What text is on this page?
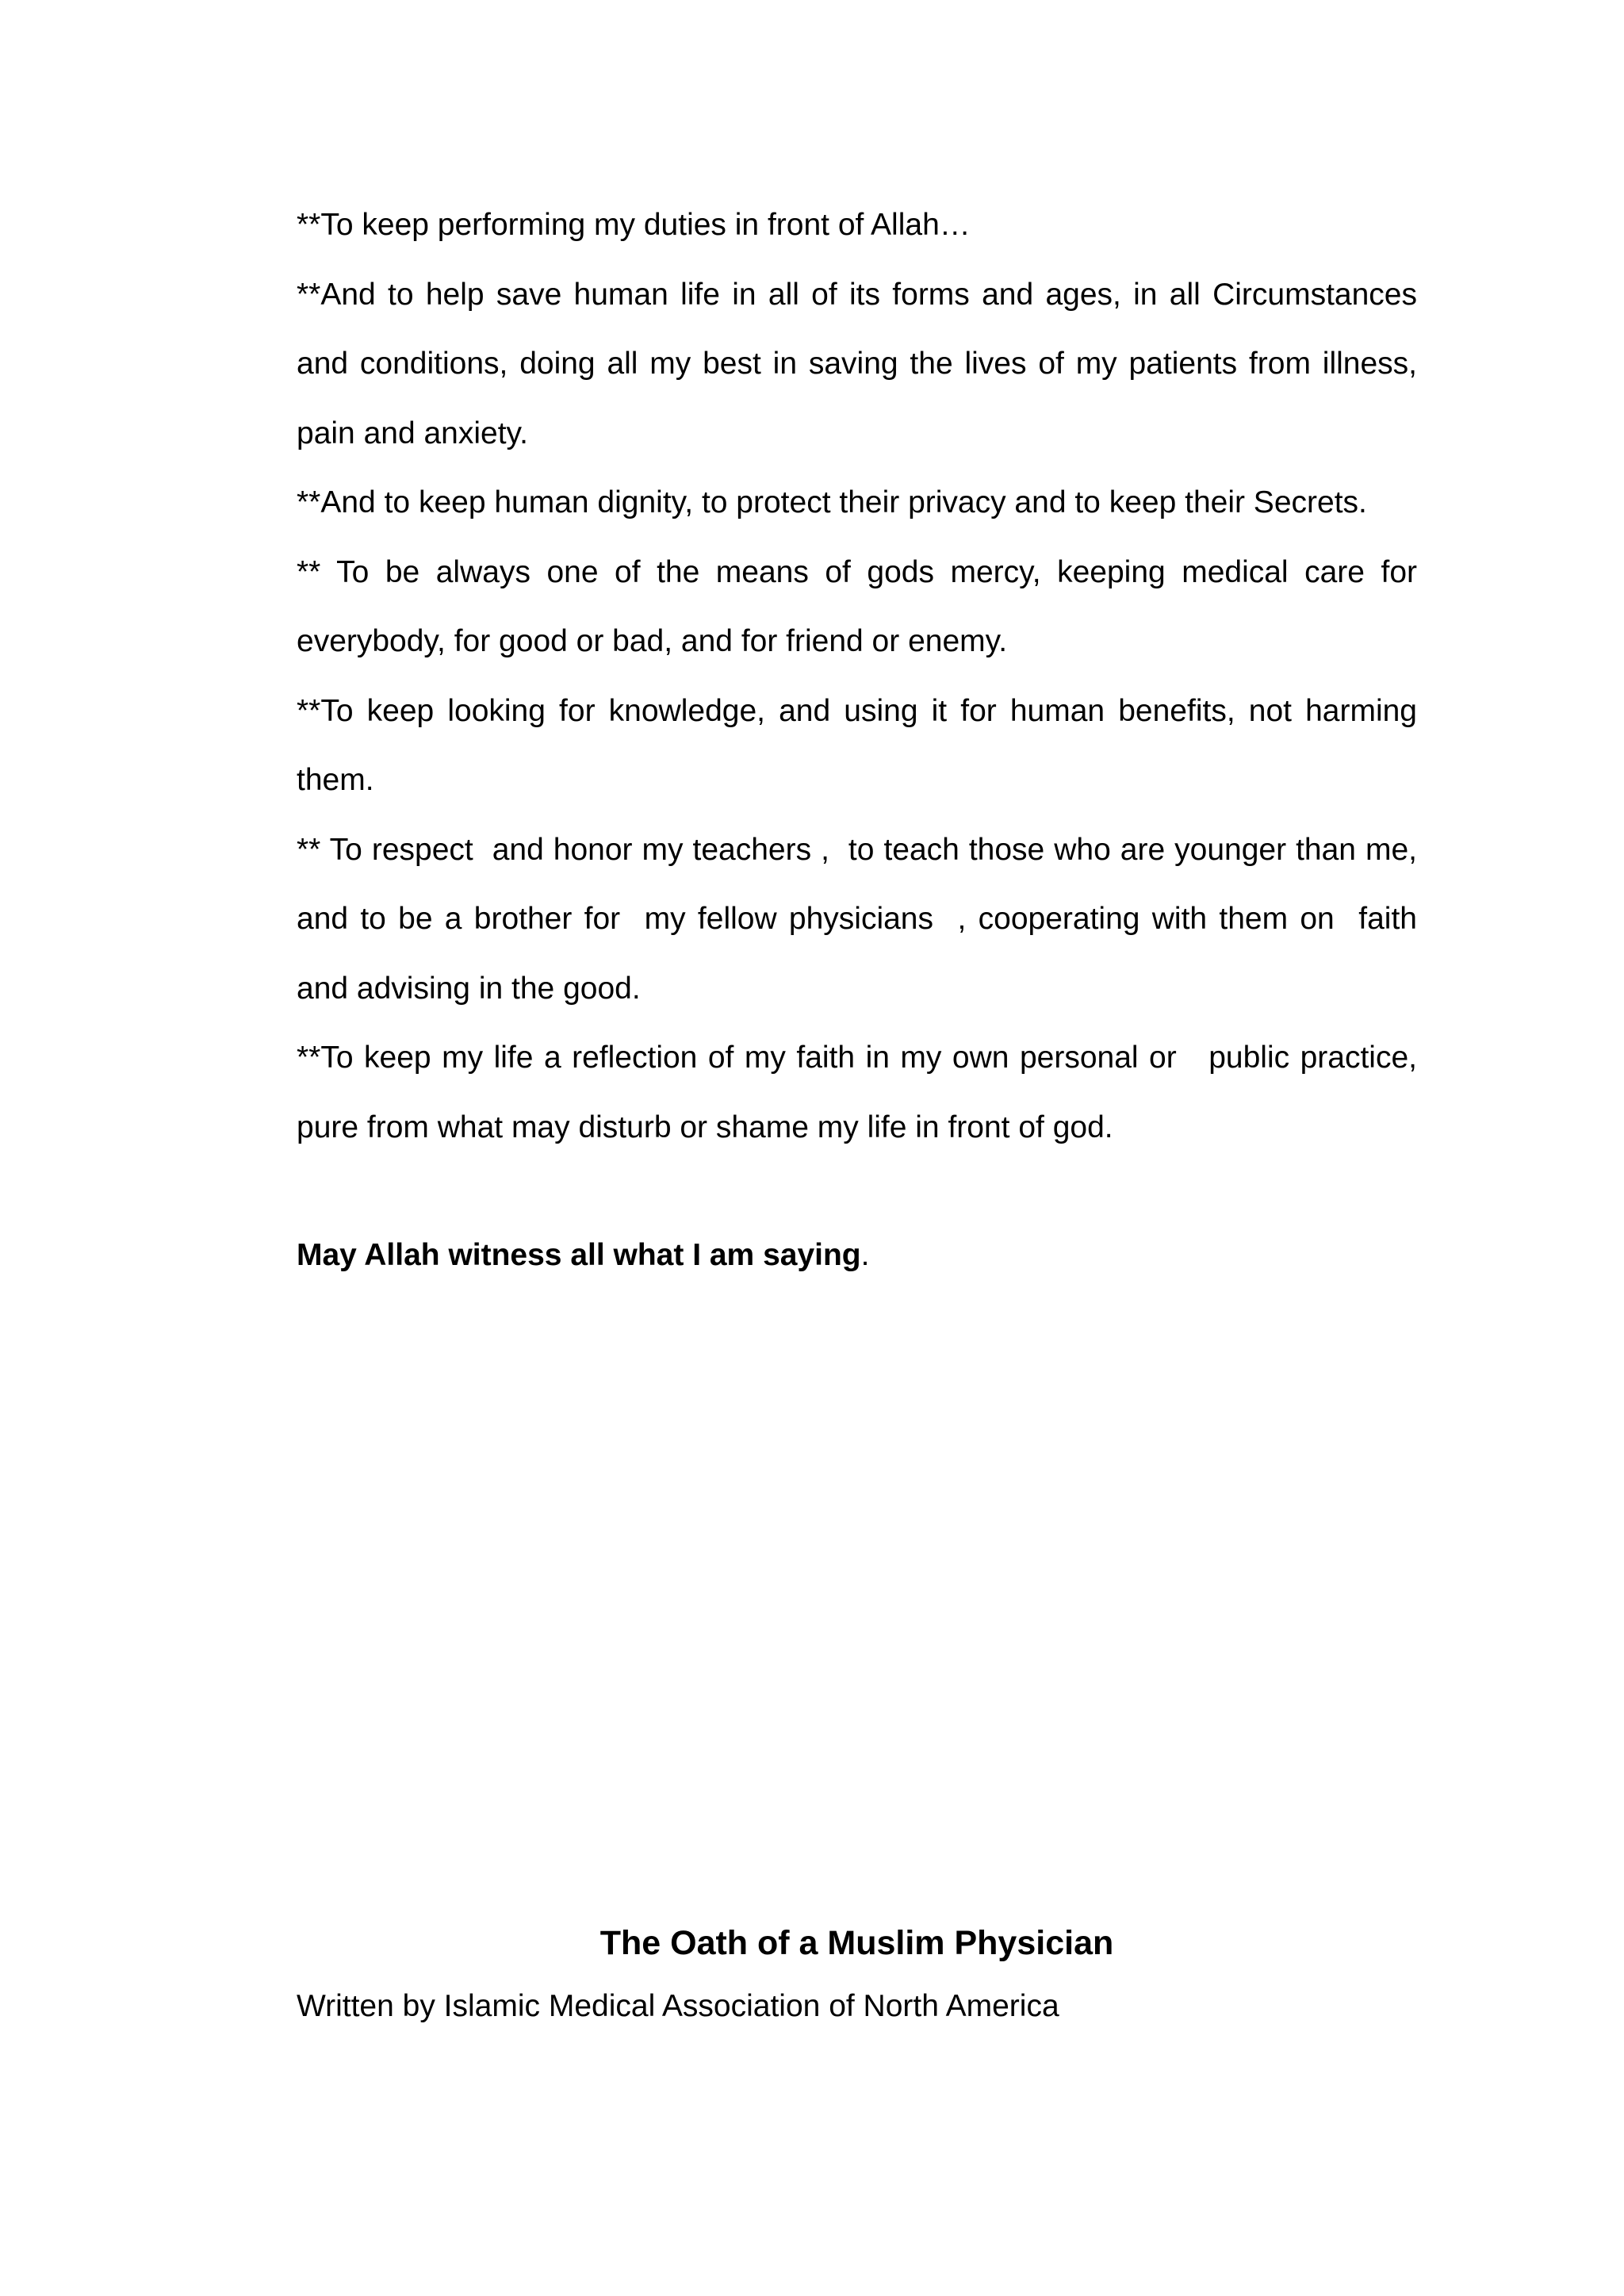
**To keep performing my duties in front of Allah…

**And to help save human life in all of its forms and ages, in all Circumstances and conditions, doing all my best in saving the lives of my patients from illness, pain and anxiety.

**And to keep human dignity, to protect their privacy and to keep their Secrets.

** To be always one of the means of gods mercy, keeping medical care for everybody, for good or bad, and for friend or enemy.

**To keep looking for knowledge, and using it for human benefits, not harming them.

** To respect  and honor my teachers ,  to teach those who are younger than me, and to be a brother for  my fellow physicians  , cooperating with them on  faith and advising in the good.

**To keep my life a reflection of my faith in my own personal or   public practice, pure from what may disturb or shame my life in front of god.

May Allah witness all what I am saying.
The Oath of a Muslim Physician
Written by Islamic Medical Association of North America
